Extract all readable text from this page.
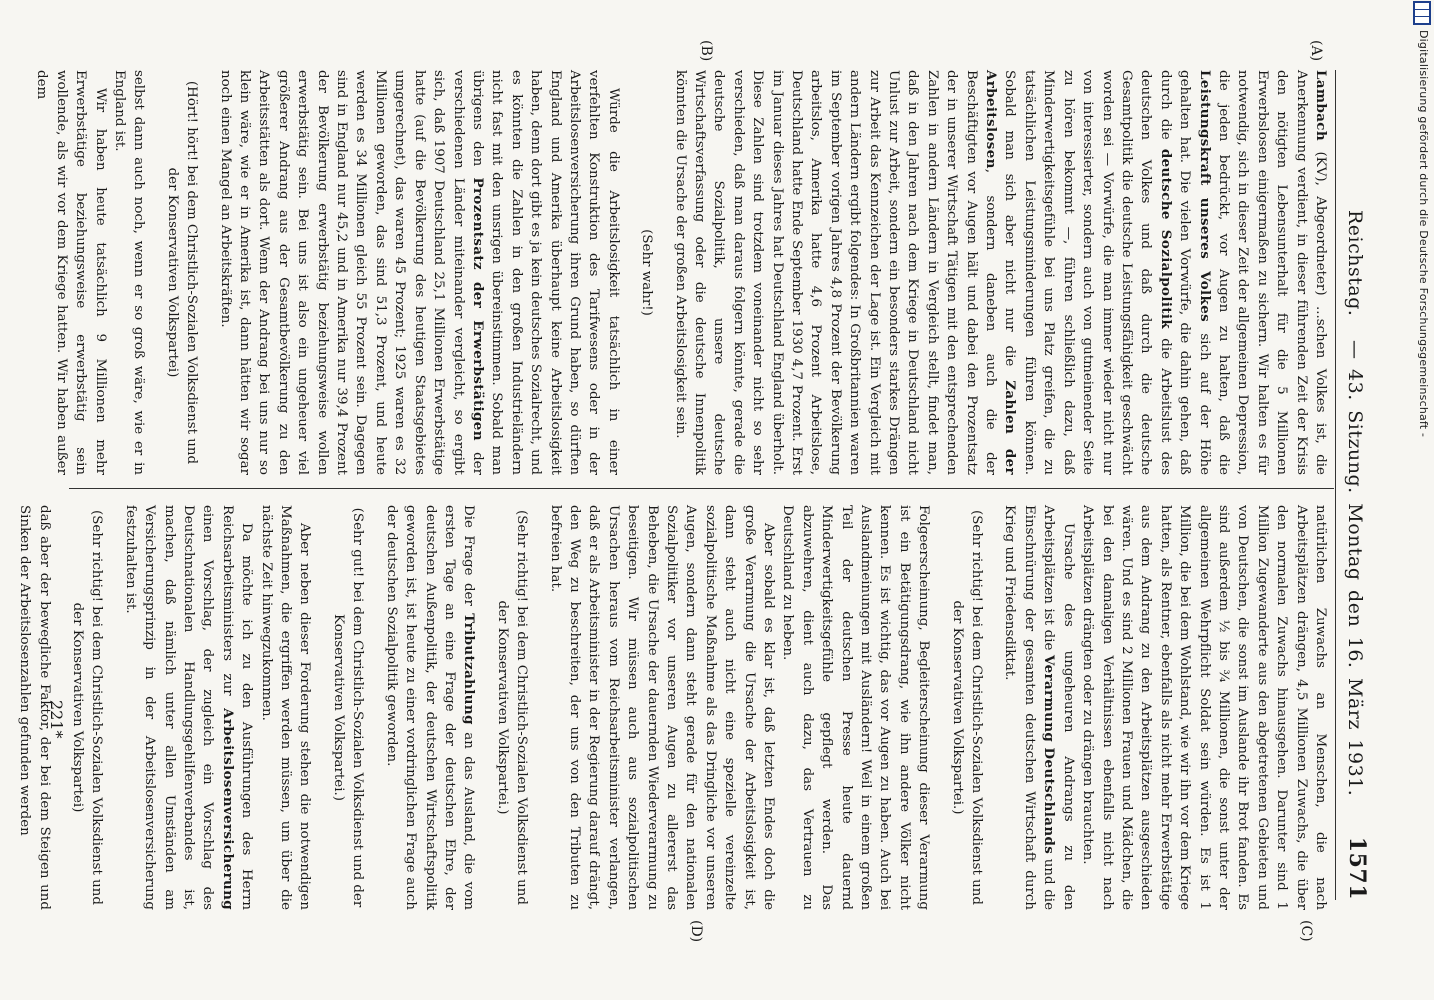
Digitalisierung gefördert durch die Deutsche Forschungsgemeinschaft -
Reichstag.
— 43. Sitzung. Montag den 16. März 1931.
1571
(A)
(B)
(C)
(D)

Lambach (KV), Abgeordneter) ...schen Volkes ist, die Anerkennung verdient, in dieser führenden Zeit der Krisis den nötigten Lebensunterhalt für die 5 Millionen Erwerbslosen einigermaßen zu sichern. Wir halten es für notwendig, sich in dieser Zeit der allgemeinen Depression, die jeden bedrückt, vor Augen zu halten, daß die Leistungskraft unseres Volkes sich auf der Höhe gehalten hat. Die vielen Vorwürfe, die dahin gehen, daß durch die deutsche Sozialpolitik die Arbeitslust des deutschen Volkes und daß durch die deutsche Gesamtpolitik die deutsche Leistungsfähigkeit geschwächt worden sei — Vorwürfe, die man immer wieder nicht nur von interessierter, sondern auch von gutmeinender Seite zu hören bekommt —, führen schließlich dazu, daß Minderwertigkeitsgefühle bei uns Platz greifen, die zu tatsächlichen Leistungsminderungen führen können. Sobald man sich aber nicht nur die Zahlen der Arbeitslosen, sondern daneben auch die der Beschäftigten vor Augen hält und dabei den Prozentsatz der in unserer Wirtschaft Tätigen mit den entsprechenden Zahlen in andern Ländern in Vergleich stellt, findet man, daß in den Jahren nach dem Kriege in Deutschland nicht Unlust zur Arbeit, sondern ein besonders starkes Drängen zur Arbeit das Kennzeichen der Lage ist. Ein Vergleich mit andern Ländern ergibt folgendes: In Großbritannien waren im September vorigen Jahres 4,8 Prozent der Bevölkerung arbeitslos, Amerika hatte 4,6 Prozent Arbeitslose, Deutschland hatte Ende September 1930 4,7 Prozent. Erst im Januar dieses Jahres hat Deutschland England überholt. Diese Zahlen sind trotzdem voneinander nicht so sehr verschieden, daß man daraus folgern könnte, gerade die deutsche Sozialpolitik, unsere deutsche Wirtschaftsverfassung oder die deutsche Innenpolitik könnten die Ursache der großen Arbeitslosigkeit sein.

(Sehr wahr!)

Würde die Arbeitslosigkeit tatsächlich in einer verfehlten Konstruktion des Tarifwesens oder in der Arbeitslosenversicherung ihren Grund haben, so dürften England und Amerika überhaupt keine Arbeitslosigkeit haben, denn dort gibt es ja kein deutsches Sozialrecht, und es könnten die Zahlen in den großen Industrieländern nicht fast mit den unsrigen übereinstimmen. Sobald man übrigens den Prozentsatz der Erwerbstätigen der verschiedenen Länder miteinander vergleicht, so ergibt sich, daß 1907 Deutschland 25,1 Millionen Erwerbstätige hatte (auf die Bevölkerung des heutigen Staatsgebietes umgerechnet), das waren 45 Prozent; 1925 waren es 32 Millionen geworden, das sind 51,3 Prozent, und heute werden es 34 Millionen gleich 55 Prozent sein. Dagegen sind in England nur 45,2 und in Amerika nur 39,4 Prozent der Bevölkerung erwerbstätig beziehungsweise wollen erwerbstätig sein. Bei uns ist also ein ungeheuer viel größerer Andrang aus der Gesamtbevölkerung zu den Arbeitsstätten als dort. Wenn der Andrang bei uns nur so klein wäre, wie er in Amerika ist, dann hätten wir sogar noch einen Mangel an Arbeitskräften.

(Hört! hört! bei dem Christlich-Sozialen Volksdienst und der Konservativen Volkspartei)

selbst dann auch noch, wenn er so groß wäre, wie er in England ist.

Wir haben heute tatsächlich 9 Millionen mehr Erwerbstätige beziehungsweise erwerbstätig sein wollende, als wir vor dem Kriege hatten. Wir haben außer dem

natürlichen Zuwachs an Menschen, die nach Arbeitsplätzen drängen, 4,5 Millionen Zuwachs, die über den normalen Zuwachs hinausgehen. Darunter sind 1 Million Zugewanderte aus den abgetretenen Gebieten und von Deutschen, die sonst im Auslande ihr Brot fanden. Es sind außerdem ½ bis ¾ Millionen, die sonst unter der allgemeinen Wehrpflicht Soldat sein würden. Es ist 1 Million, die bei dem Wohlstand, wie wir ihn vor dem Kriege hatten, als Rentner, ebenfalls als nicht mehr Erwerbstätige aus dem Andrang zu den Arbeitsplätzen ausgeschieden wären. Und es sind 2 Millionen Frauen und Mädchen, die bei den damaligen Verhältnissen ebenfalls nicht nach Arbeitsplätzen drängten oder zu drängen brauchten.

Ursache des ungeheuren Andrangs zu den Arbeitsplätzen ist die Verarmung Deutschlands und die Einschnürung der gesamten deutschen Wirtschaft durch Krieg und Friedensdiktat.

(Sehr richtig! bei dem Christlich-Sozialen Volksdienst und der Konservativen Volkspartei.)

Folgeerscheinung, Begleiterscheinung dieser Verarmung ist ein Betätigungsdrang, wie ihn andere Völker nicht kennen. Es ist wichtig, das vor Augen zu haben. Auch bei Auslandmeinungen mit Ausländern! Weil in einem großen Teil der deutschen Presse heute dauernd Minderwertigkeitsgefühle gepflegt werden. Das abzuwehren, dient auch dazu, das Vertrauen zu Deutschland zu heben.

Aber sobald es klar ist, daß letzten Endes doch die große Verarmung die Ursache der Arbeitslosigkeit ist, dann steht auch nicht eine spezielle vereinzelte sozialpolitische Maßnahme als das Dringliche vor unseren Augen, sondern dann steht gerade für den nationalen Sozialpolitiker vor unseren Augen zu allererst das Beheben, die Ursache der dauernden Wiederverarmung zu beseitigen. Wir müssen auch aus sozialpolitischen Ursachen heraus vom Reichsarbeitsminister verlangen, daß er als Arbeitsminister in der Regierung darauf drängt, den Weg zu beschreiten, der uns von den Tributen zu befreien hat.

(Sehr richtig! bei dem Christlich-Sozialen Volksdienst und der Konservativen Volkspartei.)

Die Frage der Tributzahlung an das Ausland, die vom ersten Tage an eine Frage der deutschen Ehre, der deutschen Außenpolitik, der deutschen Wirtschaftspolitik geworden ist, ist heute zu einer vordringlichen Frage auch der deutschen Sozialpolitik geworden.

(Sehr gut! bei dem Christlich-Sozialen Volksdienst und der Konservativen Volkspartei.)

Aber neben dieser Forderung stehen die notwendigen Maßnahmen, die ergriffen werden müssen, um über die nächste Zeit hinwegzukommen.

Da möchte ich zu den Ausführungen des Herrn Reichsarbeitsministers zur Arbeitslosenversicherung einen Vorschlag, der zugleich ein Vorschlag des Deutschnationalen Handlungsgehilfenverbandes ist, machen, daß nämlich unter allen Umständen am Versicherungsprinzip in der Arbeitslosenversicherung festzuhalten ist.

(Sehr richtig! bei dem Christlich-Sozialen Volksdienst und der Konservativen Volkspartei)

daß aber der bewegliche Faktor, der bei dem Steigen und Sinken der Arbeitslosenzahlen gefunden werden 221*
